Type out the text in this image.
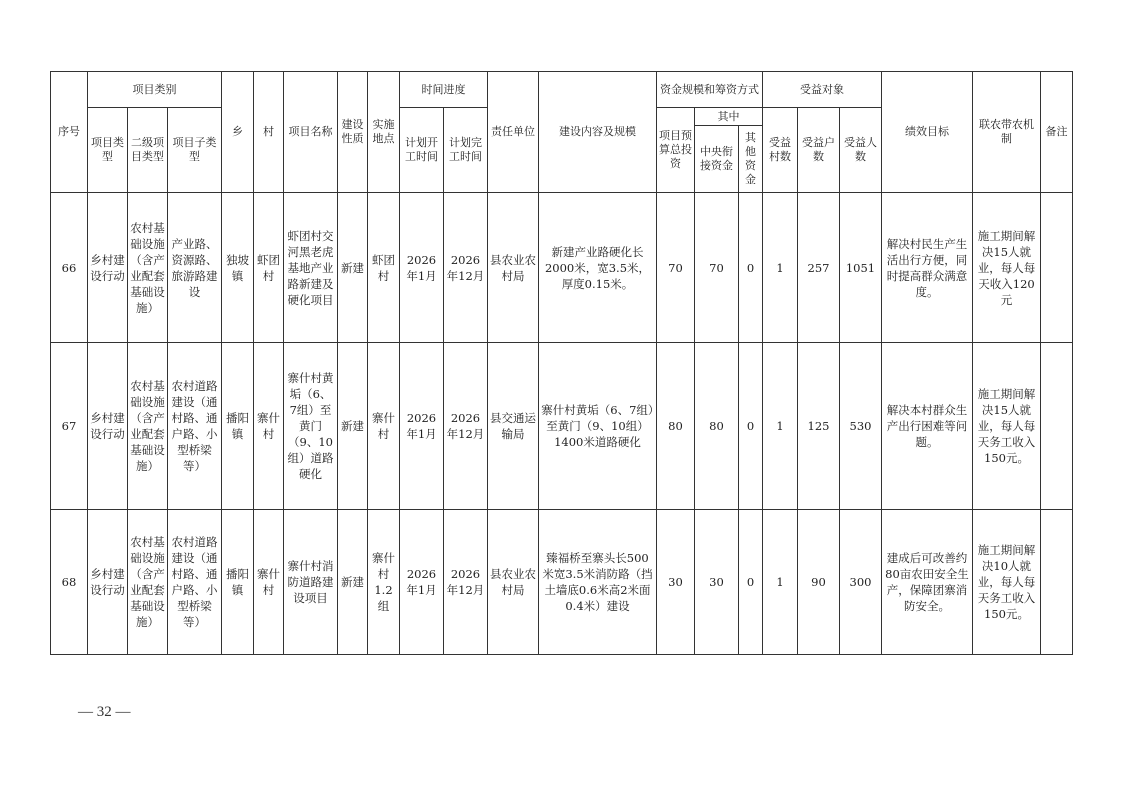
序号	项目类别			乡	村	项目名称	建设性质	实施地点	时间进度		责任单位	建设内容及规模	资金规模和筹资方式			受益对象			绩效目标	联农带农机制	备注
	项目类型	二级项目类型	项目子类型						计划开工时间	计划完工时间			项目预算总投资	其中		受益村数	受益户数	受益人数			
														中央衔接资金	其他资金						
66	乡村建设行动	农村基础设施（含产业配套基础设施）	产业路、资源路、旅游路建设	独坡镇	虾团村	虾团村交河黑老虎基地产业路新建及硬化项目	新建	虾团村	2026年1月	2026年12月	县农业农村局	新建产业路硬化长2000米，宽3.5米，厚度0.15米。	70	70	0	1	257	1051	解决村民生产生活出行方便，同时提高群众满意度。	施工期间解决15人就业，每人每天收入120元	
67	乡村建设行动	农村基础设施（含产业配套基础设施）	农村道路建设（通村路、通户路、小型桥梁等）	播阳镇	寨什村	寨什村黄垢（6、7组）至黄门（9、10组）道路硬化	新建	寨什村	2026年1月	2026年12月	县交通运输局	寨什村黄垢（6、7组）至黄门（9、10组）1400米道路硬化	80	80	0	1	125	530	解决本村群众生产出行困难等问题。	施工期间解决15人就业，每人每天务工收入150元。	
68	乡村建设行动	农村基础设施（含产业配套基础设施）	农村道路建设（通村路、通户路、小型桥梁等）	播阳镇	寨什村	寨什村消防道路建设项目	新建	寨什村1.2组	2026年1月	2026年12月	县农业农村局	臻福桥至寨头长500米宽3.5米消防路（挡土墙底0.6米高2米面0.4米）建设	30	30	0	1	90	300	建成后可改善约80亩农田安全生产，保障团寨消防安全。	施工期间解决10人就业，每人每天务工收入150元。	
— 32 —
